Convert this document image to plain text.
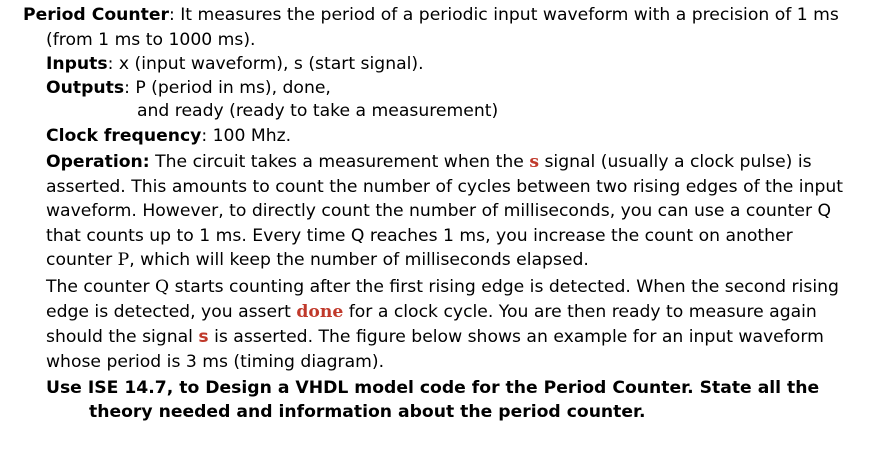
Period Counter: It measures the period of a periodic input waveform with a precision of 1 ms
(from 1 ms to 1000 ms).
Inputs: x (input waveform), s (start signal).
Outputs: P (period in ms), done,
and ready (ready to take a measurement)
Clock frequency: 100 Mhz.
Operation: The circuit takes a measurement when the s signal (usually a clock pulse) is
asserted. This amounts to count the number of cycles between two rising edges of the input
waveform. However, to directly count the number of milliseconds, you can use a counter Q
that counts up to 1 ms. Every time Q reaches 1 ms, you increase the count on another
counter P, which will keep the number of milliseconds elapsed.
The counter Q starts counting after the first rising edge is detected. When the second rising
edge is detected, you assert done for a clock cycle. You are then ready to measure again
should the signal s is asserted. The figure below shows an example for an input waveform
whose period is 3 ms (timing diagram).
Use ISE 14.7, to Design a VHDL model code for the Period Counter. State all the
theory needed and information about the period counter.
